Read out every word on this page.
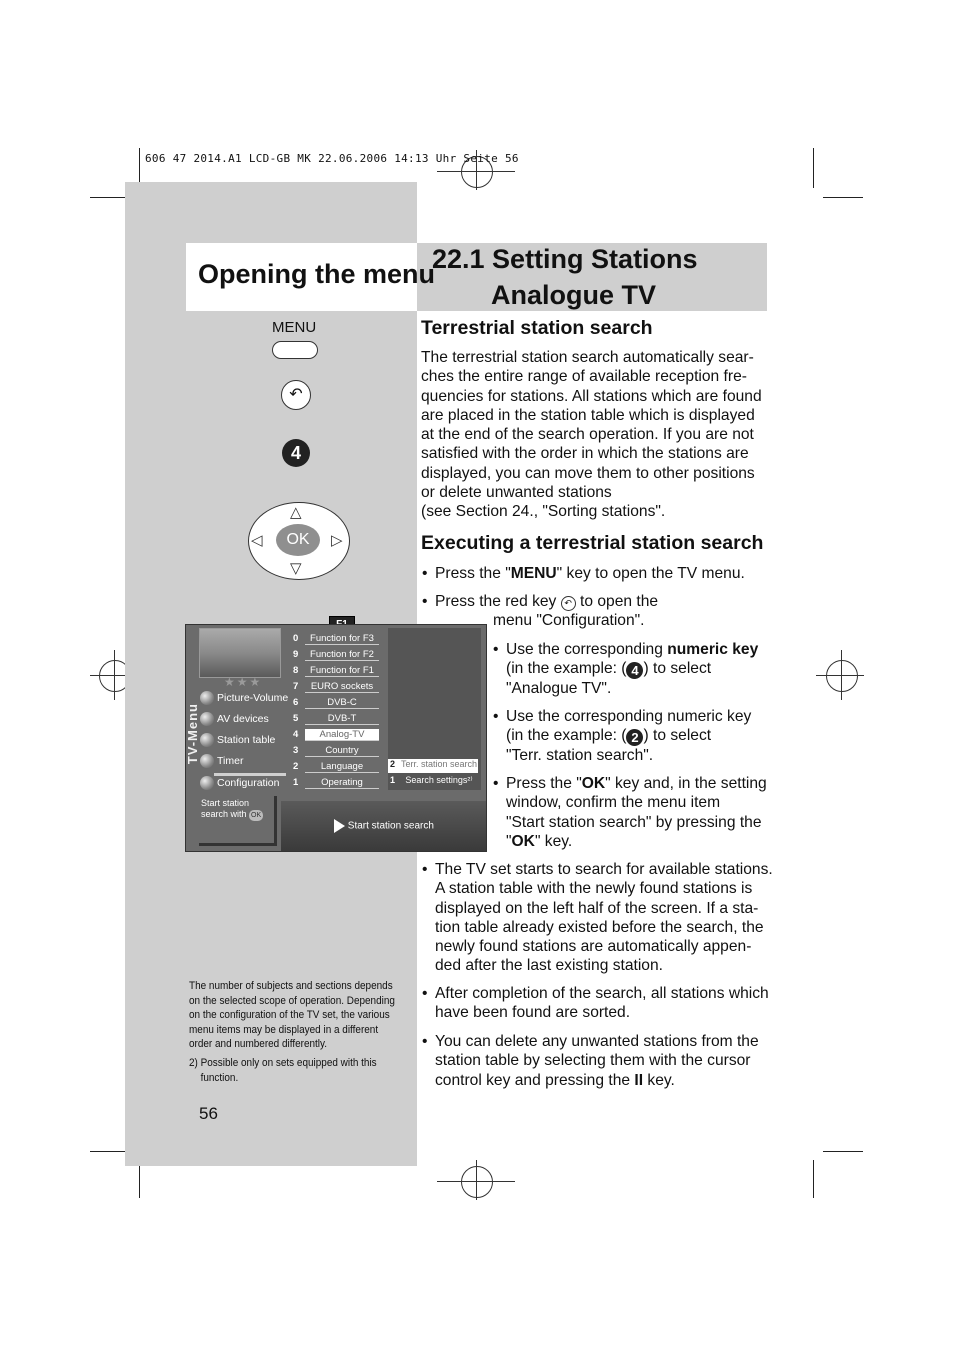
606 47 2014.A1 LCD-GB MK 22.06.2006 14:13 Uhr Seite 56
Opening the menu
22.1 Setting Stations
Analogue TV
MENU
↶
4
OK
△
▽
◁	▷
★★★
TV-Menu
Picture-Volume
AV devices
Station table
Timer
Configuration
0	Function for F3
9	Function for F2
8	Function for F1
7	EURO sockets
6	DVB-C
5	DVB-T
4	Analog-TV
3	Country
2	Language
1	Operating
2 Terr. station search
1	Search settings²⁾
Start station
search with OK
Start station search
Terrestrial station search
The terrestrial station search automatically sear-
ches the entire range of available reception fre-
quencies for stations. All stations which are found
are placed in the station table which is displayed
at the end of the search operation. If you are not
satisfied with the order in which the stations are
displayed, you can move them to other positions
or delete unwanted stations
(see Section 24., "Sorting stations".
Executing a terrestrial station search
• Press the "MENU" key to open the TV menu.
• Press the red key ↶ to open the
menu "Configuration".
• Use the corresponding numeric key
(in the example: ( 4 ) to select
"Analogue TV".
• Use the corresponding numeric key
(in the example: ( 2 ) to select
"Terr. station search".
• Press the "OK" key and, in the setting
window, confirm the menu item
"Start station search" by pressing the
"OK" key.
• The TV set starts to search for available stations.
A station table with the newly found stations is
displayed on the left half of the screen. If a sta-
tion table already existed before the search, the
newly found stations are automatically appen-
ded after the last existing station.
• After completion of the search, all stations which
have been found are sorted.
• You can delete any unwanted stations from the
station table by selecting them with the cursor
control key and pressing the II key.
The number of subjects and sections depends
on the selected scope of operation. Depending
on the configuration of the TV set, the various
menu items may be displayed in a different
order and numbered differently.
2) Possible only on sets equipped with this
function.
56
